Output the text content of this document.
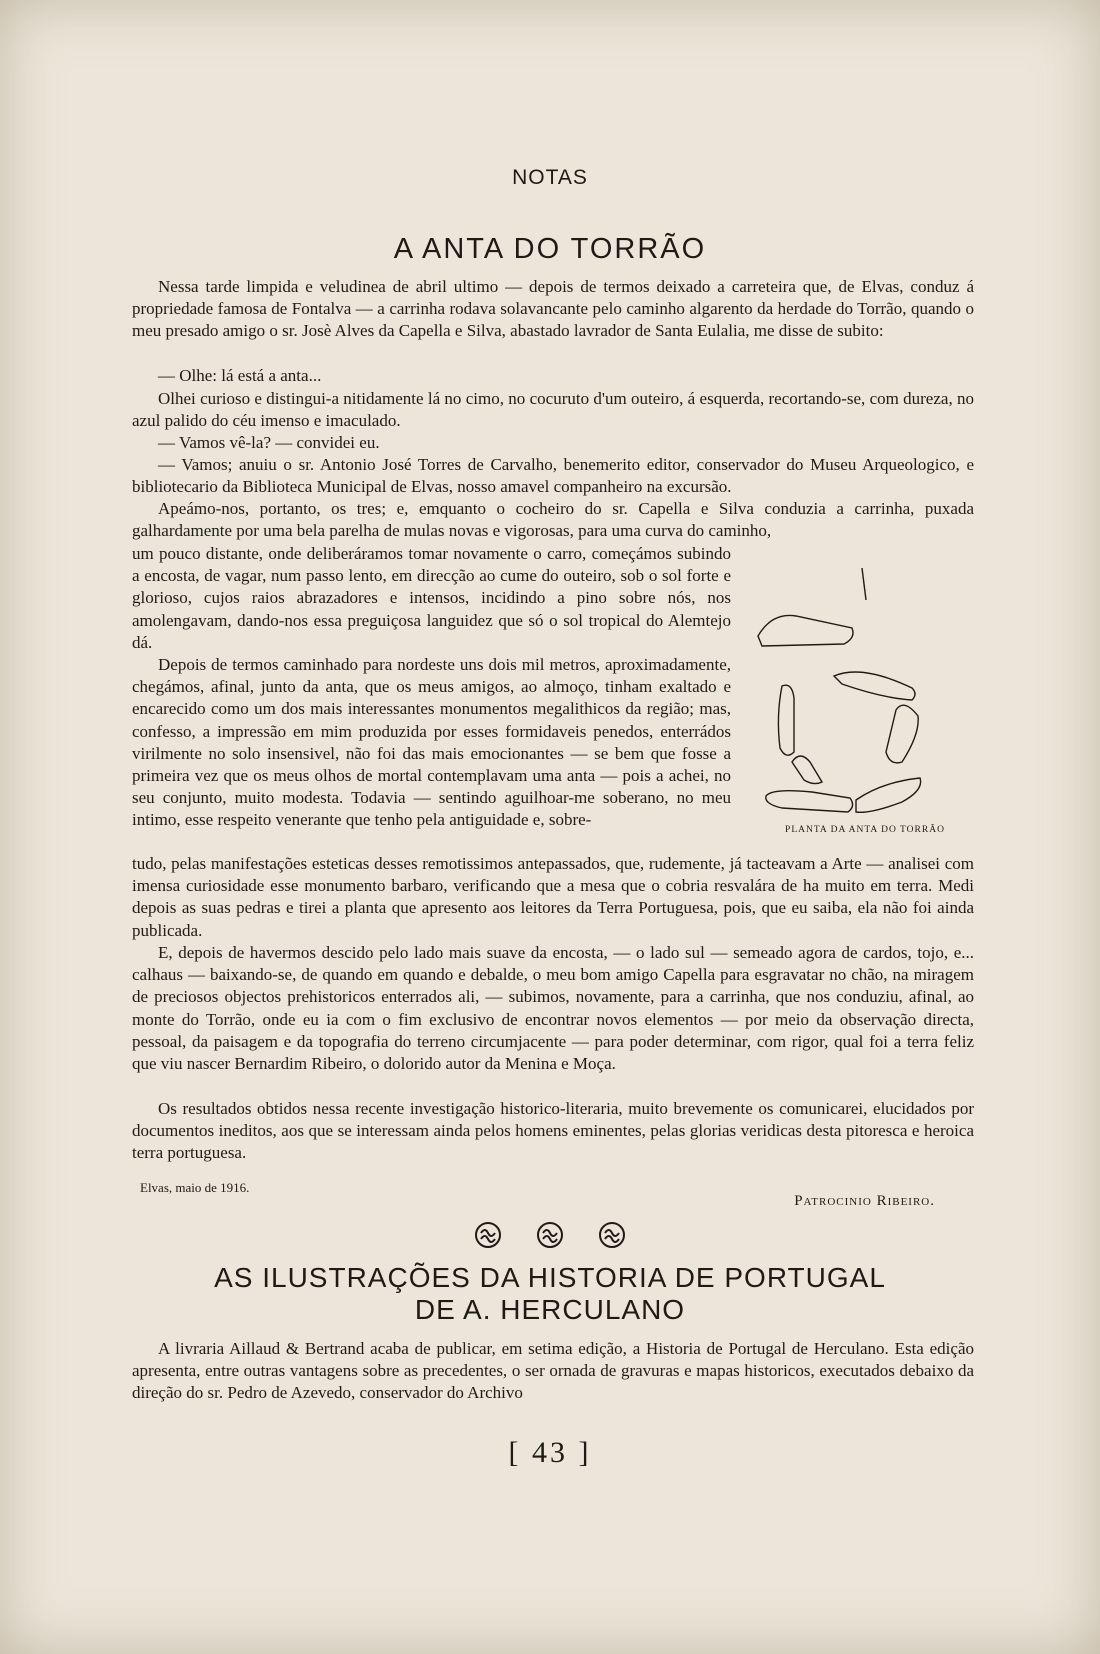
NOTAS
A ANTA DO TORRÃO

Nessa tarde limpida e veludinea de abril ultimo — depois de termos deixado a carreteira que, de Elvas, conduz á propriedade famosa de Fontalva — a carrinha rodava solavancante pelo caminho algarento da herdade do Torrão, quando o meu presado amigo o sr. Josè Alves da Capella e Silva, abastado lavrador de Santa Eulalia, me disse de subito:

— Olhe: lá está a anta...

Olhei curioso e distingui-a nitidamente lá no cimo, no cocuruto d'um outeiro, á esquerda, recortando-se, com dureza, no azul palido do céu imenso e imaculado.

— Vamos vê-la? — convidei eu.

— Vamos; anuiu o sr. Antonio José Torres de Carvalho, benemerito editor, conservador do Museu Arqueologico, e bibliotecario da Biblioteca Municipal de Elvas, nosso amavel companheiro na excursão.

Apeámo-nos, portanto, os tres; e, emquanto o cocheiro do sr. Capella e Silva conduzia a carrinha, puxada galhardamente por uma bela parelha de mulas novas e vigorosas, para uma curva do caminho,

um pouco distante, onde deliberáramos tomar novamente o carro, começámos subindo a encosta, de vagar, num passo lento, em direcção ao cume do outeiro, sob o sol forte e glorioso, cujos raios abrazadores e intensos, incidindo a pino sobre nós, nos amolengavam, dando-nos essa preguiçosa languidez que só o sol tropical do Alemtejo dá.

Depois de termos caminhado para nordeste uns dois mil metros, aproximadamente, chegámos, afinal, junto da anta, que os meus amigos, ao almoço, tinham exaltado e encarecido como um dos mais interessantes monumentos megalithicos da região; mas, confesso, a impressão em mim produzida por esses formidaveis penedos, enterrádos virilmente no solo insensivel, não foi das mais emocionantes — se bem que fosse a primeira vez que os meus olhos de mortal contemplavam uma anta — pois a achei, no seu conjunto, muito modesta. Todavia — sentindo aguilhoar-me soberano, no meu intimo, esse respeito venerante que tenho pela antiguidade e, sobre-

tudo, pelas manifestações esteticas desses remotissimos antepassados, que, rudemente, já tacteavam a Arte — analisei com imensa curiosidade esse monumento barbaro, verificando que a mesa que o cobria resvalára de ha muito em terra. Medi depois as suas pedras e tirei a planta que apresento aos leitores da Terra Portuguesa, pois, que eu saiba, ela não foi ainda publicada.

E, depois de havermos descido pelo lado mais suave da encosta, — o lado sul — semeado agora de cardos, tojo, e... calhaus — baixando-se, de quando em quando e debalde, o meu bom amigo Capella para esgravatar no chão, na miragem de preciosos objectos prehistoricos enterrados ali, — subimos, novamente, para a carrinha, que nos conduziu, afinal, ao monte do Torrão, onde eu ia com o fim exclusivo de encontrar novos elementos — por meio da observação directa, pessoal, da paisagem e da topografia do terreno circumjacente — para poder determinar, com rigor, qual foi a terra feliz que viu nascer Bernardim Ribeiro, o dolorido autor da Menina e Moça.

Os resultados obtidos nessa recente investigação historico-literaria, muito brevemente os comunicarei, elucidados por documentos ineditos, aos que se interessam ainda pelos homens eminentes, pelas glorias veridicas desta pitoresca e heroica terra portuguesa.

PLANTA DA ANTA DO TORRÃO
Elvas, maio de 1916.
Patrocinio Ribeiro.
AS ILUSTRAÇÕES DA HISTORIA DE PORTUGAL
DE A. HERCULANO

A livraria Aillaud & Bertrand acaba de publicar, em setima edição, a Historia de Portugal de Herculano. Esta edição apresenta, entre outras vantagens sobre as precedentes, o ser ornada de gravuras e mapas historicos, executados debaixo da direção do sr. Pedro de Azevedo, conservador do Archivo

[ 43 ]
